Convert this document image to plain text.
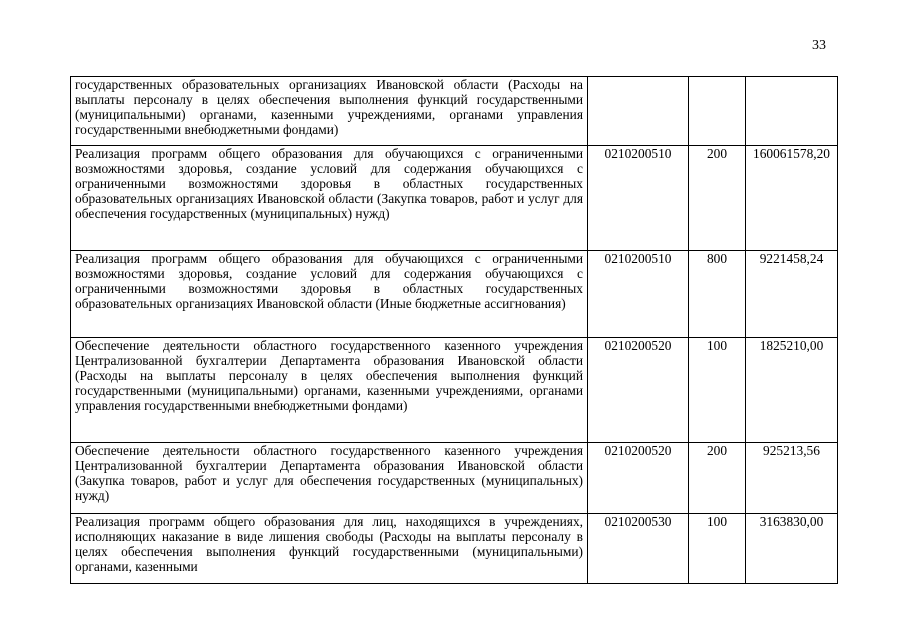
33
государственных образовательных организациях Ивановской области (Расходы на выплаты персоналу в целях обеспечения выполнения функций государственными (муниципальными) органами, казенными учреждениями, органами управления государственными внебюджетными фондами)			
Реализация программ общего образования для обучающихся с ограниченными возможностями здоровья, создание условий для содержания обучающихся с ограниченными возможностями здоровья в областных государственных образовательных организациях Ивановской области (Закупка товаров, работ и услуг для обеспечения государственных (муниципальных) нужд)	0210200510	200	160061578,20
Реализация программ общего образования для обучающихся с ограниченными возможностями здоровья, создание условий для содержания обучающихся с ограниченными возможностями здоровья в областных государственных образовательных организациях Ивановской области (Иные бюджетные ассигнования)	0210200510	800	9221458,24
Обеспечение деятельности областного государственного казенного учреждения Централизованной бухгалтерии Департамента образования Ивановской области (Расходы на выплаты персоналу в целях обеспечения выполнения функций государственными (муниципальными) органами, казенными учреждениями, органами управления государственными внебюджетными фондами)	0210200520	100	1825210,00
Обеспечение деятельности областного государственного казенного учреждения Централизованной бухгалтерии Департамента образования Ивановской области (Закупка товаров, работ и услуг для обеспечения государственных (муниципальных) нужд)	0210200520	200	925213,56
Реализация программ общего образования для лиц, находящихся в учреждениях, исполняющих наказание в виде лишения свободы (Расходы на выплаты персоналу в целях обеспечения выполнения функций государственными (муниципальными) органами, казенными	0210200530	100	3163830,00
